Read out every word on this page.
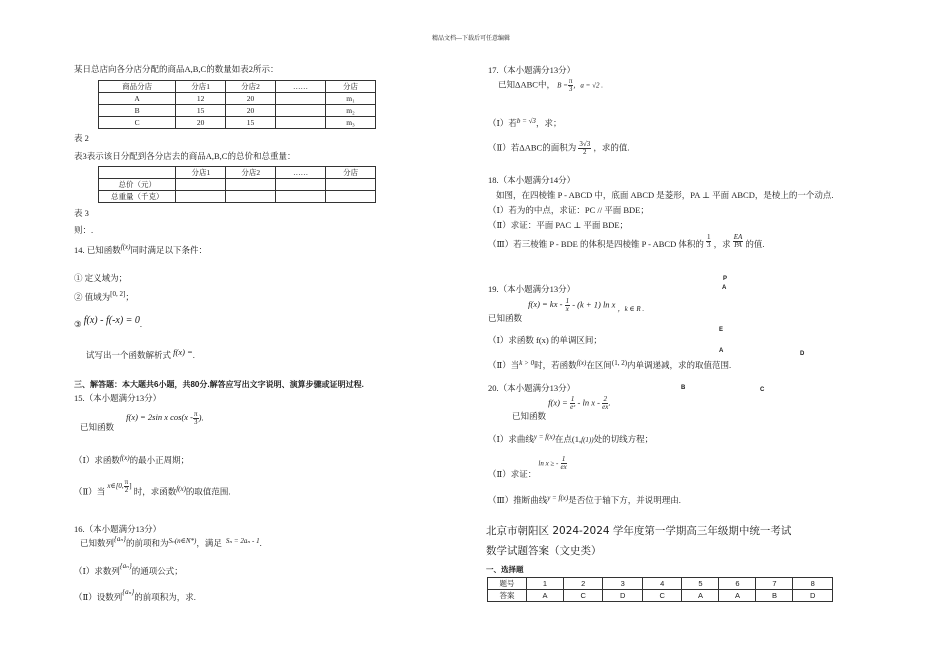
精品文档---下载后可任意编辑
某日总店向各分店分配的商品A,B,C的数量如表2所示：
商品分店	分店1	分店2	……	分店
A	12	20		m₁
B	15	20		m₂
C	20	15		m₃
表 2
表3表示该日分配到各分店去的商品A,B,C的总价和总重量：
	分店1	分店2	……	分店
总价（元）				
总重量（千克）				
表 3
则：.
14. 已知函数$^{f(x)}$同时满足以下条件：
① 定义域为；
② 值域为[0, 2]；
③ f(x) - f(-x) = 0.
试写出一个函数解析式 f(x) =.
三、解答题：本大题共6小题，共80分.解答应写出文字说明、演算步骤或证明过程.
15.（本小题满分13分）
已知函数 f(x) = 2sin x $\cos(x - \frac{\pi}{3}$ ).
（Ⅰ）求函数$^{f(x)}$的最小正周期；
（Ⅱ）当 $^{x\in[0,} \frac{\pi}{2} ^]$ 时，求函数$^{f(x)}$的取值范围.
16.（本小题满分13分）
已知数列$^{\{a_n\}}$的前项和为$^{S_n(n\in N*)}$，满足 $^{S_n = 2a_n - 1}$.
（Ⅰ）求数列$^{\{a_n\}}$的通项公式；
（Ⅱ）设数列$^{\{a_n\}}$的前项积为，求.
17.（本小题满分13分）
已知ΔABC中， $B = \frac{\pi}{3}$ ，a = √2 .
（Ⅰ）若$^{b = √3}$，求；
（Ⅱ）若ΔABC的面积为 $\frac{3√3}{2}$ ，求的值.
18.（本小题满分14分）
如图，在四棱锥 P - ABCD 中，底面 ABCD 是菱形，PA ⊥ 平面 ABCD，是棱上的一个动点.
（Ⅰ）若为的中点，求证：PC // 平面 BDE；
（Ⅱ）求证：平面 PAC ⊥ 平面 BDE；
（Ⅲ）若三棱锥 P - BDE 的体积是四棱锥 P - ABCD 体积的 $\frac{1}{3}$ ，求 $\frac{EA}{PA}$ 的值.
P
A
E
A	D
B	C
19.（本小题满分13分）
已知函数 f(x) = kx - $\frac{1}{x} - (k + 1)$ ln x $_{,k \in R .}$
（Ⅰ）求函数 f(x) 的单调区间；
（Ⅱ）当$^{k > 0}$时，若函数$^{f(x)}$在区间$^{(1, 2)}$内单调递减，求的取值范围.
20.（本小题满分13分）
已知函数 $f(x) = \frac{1}{\text{eˣ}} - \ln x - \frac{2}{ex}$ .
（Ⅰ）求曲线$^{y = f(x)}$在点(1,f(1))处的切线方程；
（Ⅱ）求证： ln x ≥ - $\frac{1}{ex}$
（Ⅲ）推断曲线$^{y = f(x)}$是否位于轴下方，并说明理由.
北京市朝阳区 2024-2024 学年度第一学期高三年级期中统一考试
数学试题答案（文史类）
一、选择题
题号	1	2	3	4	5	6	7	8
答案	A	C	D	C	A	A	B	D
